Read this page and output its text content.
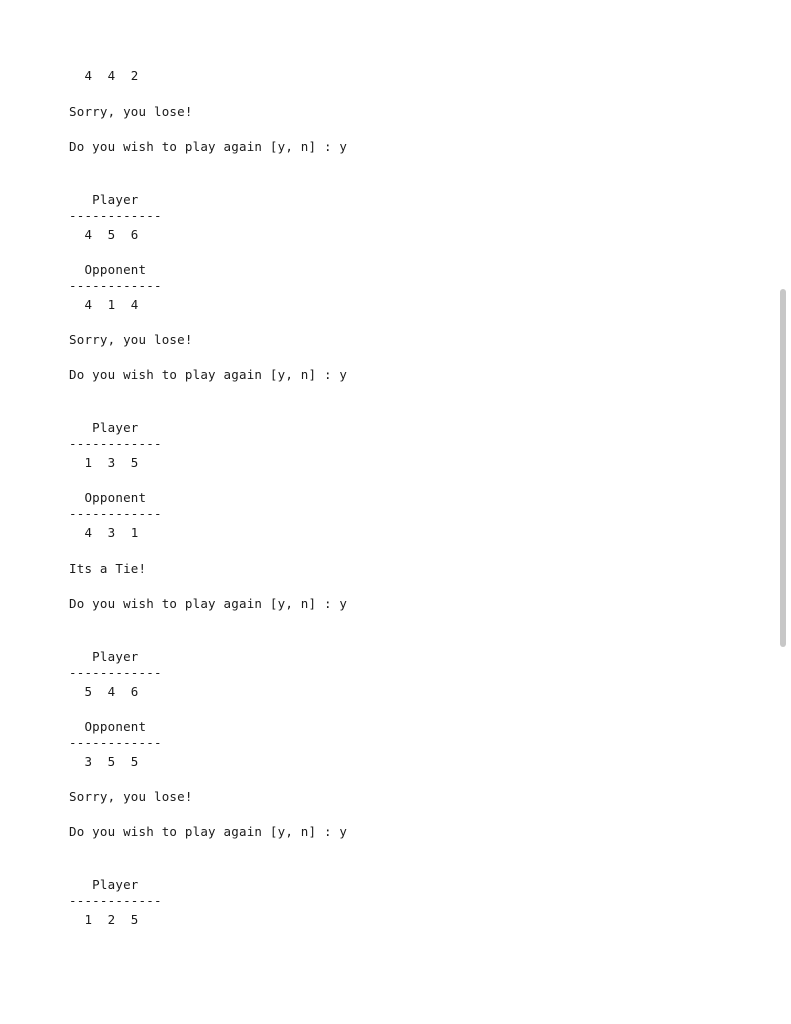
4  4  2
Sorry, you lose!
Do you wish to play again [y, n] : y
Player
------------
4  5  6
Opponent
------------
4  1  4
Sorry, you lose!
Do you wish to play again [y, n] : y
Player
------------
1  3  5
Opponent
------------
4  3  1
Its a Tie!
Do you wish to play again [y, n] : y
Player
------------
5  4  6
Opponent
------------
3  5  5
Sorry, you lose!
Do you wish to play again [y, n] : y
Player
------------
1  2  5
